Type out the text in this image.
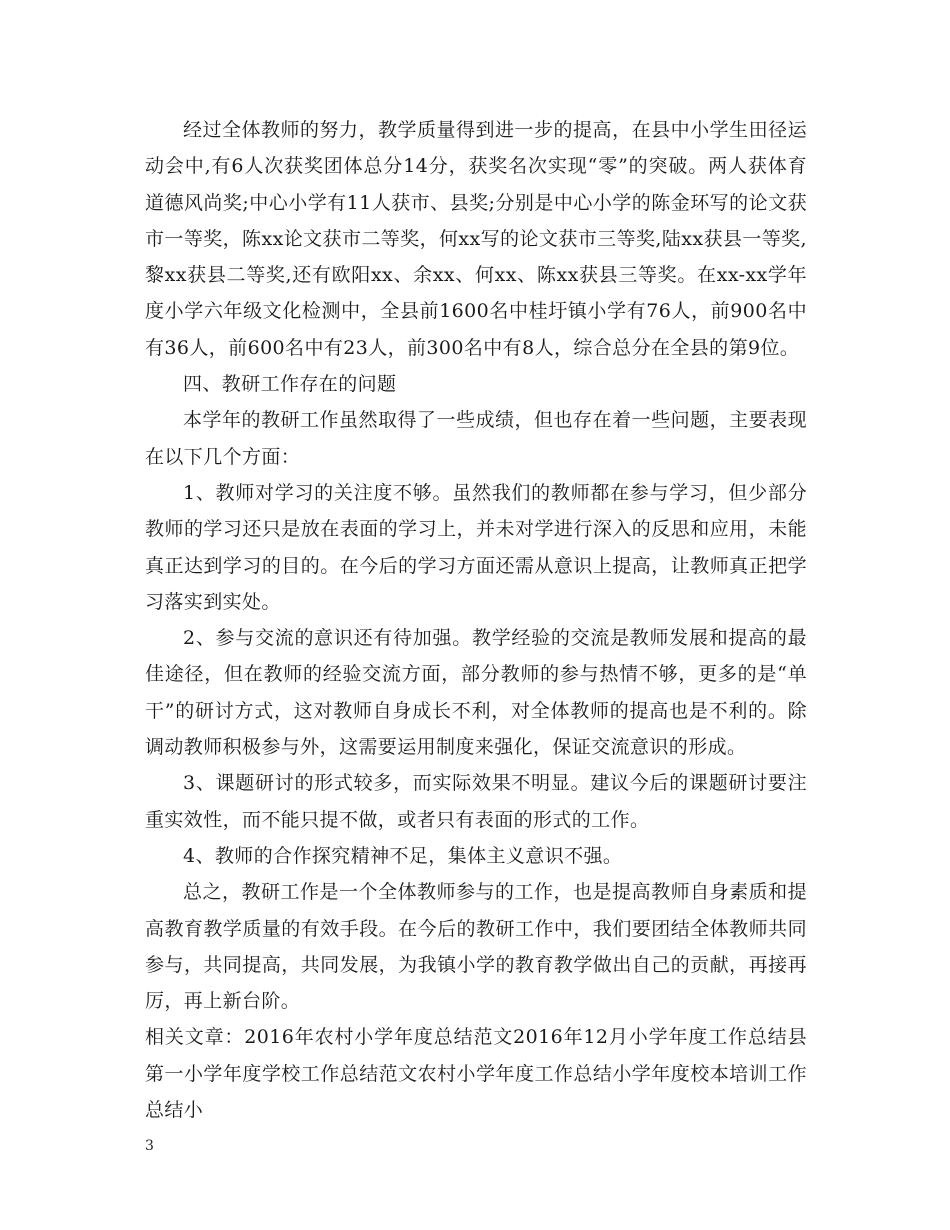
经过全体教师的努力，教学质量得到进一步的提高，在县中小学生田径运动会中,有6人次获奖团体总分14分，获奖名次实现“零”的突破。两人获体育道德风尚奖;中心小学有11人获市、县奖;分别是中心小学的陈金环写的论文获市一等奖，陈xx论文获市二等奖，何xx写的论文获市三等奖,陆xx获县一等奖,黎xx获县二等奖,还有欧阳xx、余xx、何xx、陈xx获县三等奖。在xx-xx学年度小学六年级文化检测中，全县前1600名中桂圩镇小学有76人，前900名中有36人，前600名中有23人，前300名中有8人，综合总分在全县的第9位。

四、教研工作存在的问题

本学年的教研工作虽然取得了一些成绩，但也存在着一些问题，主要表现在以下几个方面：

1、教师对学习的关注度不够。虽然我们的教师都在参与学习，但少部分教师的学习还只是放在表面的学习上，并未对学进行深入的反思和应用，未能真正达到学习的目的。在今后的学习方面还需从意识上提高，让教师真正把学习落实到实处。

2、参与交流的意识还有待加强。教学经验的交流是教师发展和提高的最佳途径，但在教师的经验交流方面，部分教师的参与热情不够，更多的是“单干”的研讨方式，这对教师自身成长不利，对全体教师的提高也是不利的。除调动教师积极参与外，这需要运用制度来强化，保证交流意识的形成。

3、课题研讨的形式较多，而实际效果不明显。建议今后的课题研讨要注重实效性，而不能只提不做，或者只有表面的形式的工作。

4、教师的合作探究精神不足，集体主义意识不强。

总之，教研工作是一个全体教师参与的工作，也是提高教师自身素质和提高教育教学质量的有效手段。在今后的教研工作中，我们要团结全体教师共同参与，共同提高，共同发展，为我镇小学的教育教学做出自己的贡献，再接再厉，再上新台阶。

相关文章：2016年农村小学年度总结范文2016年12月小学年度工作总结县第一小学年度学校工作总结范文农村小学年度工作总结小学年度校本培训工作总结小

3
